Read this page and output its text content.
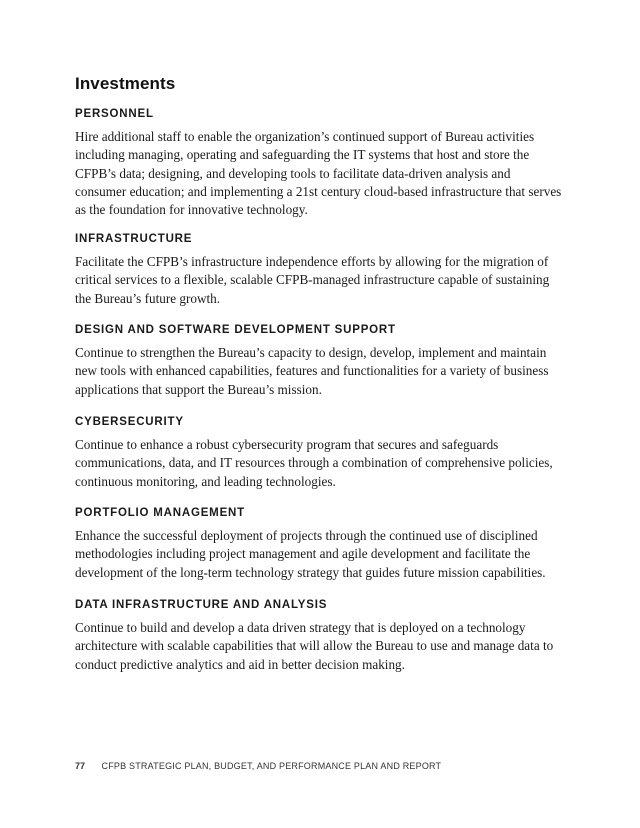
Investments
PERSONNEL

Hire additional staff to enable the organization’s continued support of Bureau activities including managing, operating and safeguarding the IT systems that host and store the CFPB’s data; designing, and developing tools to facilitate data-driven analysis and consumer education; and implementing a 21st century cloud-based infrastructure that serves as the foundation for innovative technology.

INFRASTRUCTURE

Facilitate the CFPB’s infrastructure independence efforts by allowing for the migration of critical services to a flexible, scalable CFPB-managed infrastructure capable of sustaining the Bureau’s future growth.

DESIGN AND SOFTWARE DEVELOPMENT SUPPORT

Continue to strengthen the Bureau’s capacity to design, develop, implement and maintain new tools with enhanced capabilities, features and functionalities for a variety of business applications that support the Bureau’s mission.

CYBERSECURITY

Continue to enhance a robust cybersecurity program that secures and safeguards communications, data, and IT resources through a combination of comprehensive policies, continuous monitoring, and leading technologies.

PORTFOLIO MANAGEMENT

Enhance the successful deployment of projects through the continued use of disciplined methodologies including project management and agile development and facilitate the development of the long-term technology strategy that guides future mission capabilities.

DATA INFRASTRUCTURE AND ANALYSIS

Continue to build and develop a data driven strategy that is deployed on a technology architecture with scalable capabilities that will allow the Bureau to use and manage data to conduct predictive analytics and aid in better decision making.

77 CFPB STRATEGIC PLAN, BUDGET, AND PERFORMANCE PLAN AND REPORT
